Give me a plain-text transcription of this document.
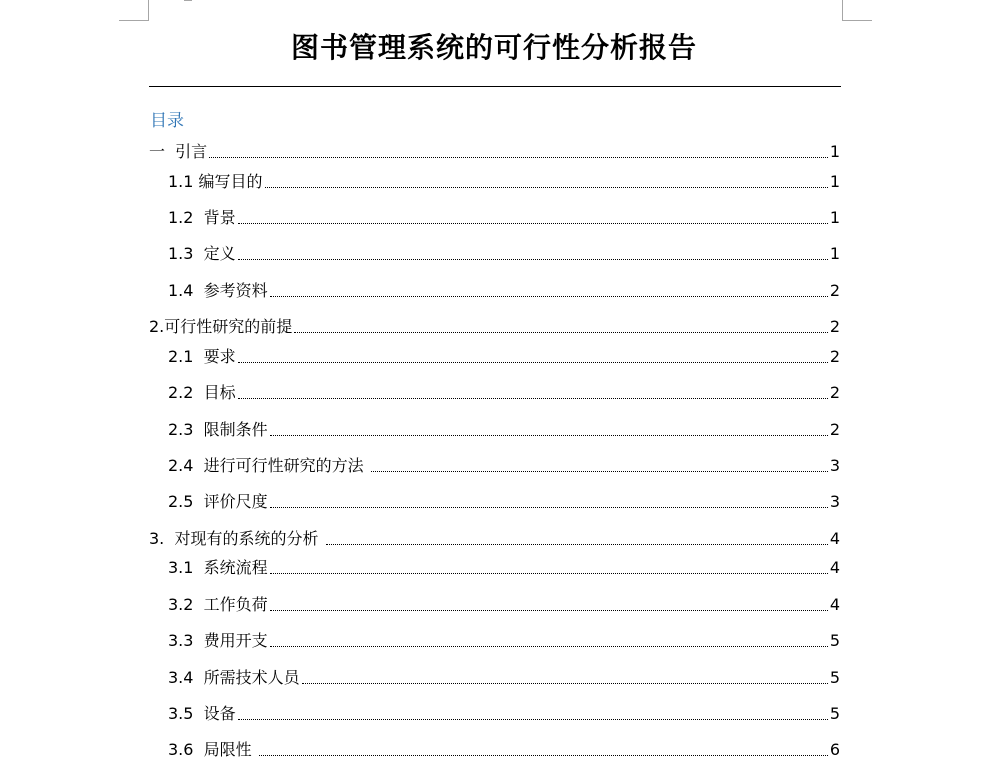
图书管理系统的可行性分析报告
目录
一  引言	1
1.1 编写目的	1
1.2  背景	1
1.3  定义	1
1.4  参考资料	2
2.可行性研究的前提	2
2.1  要求	2
2.2  目标	2
2.3  限制条件	2
2.4  进行可行性研究的方法	3
2.5  评价尺度	3
3.  对现有的系统的分析	4
3.1  系统流程	4
3.2  工作负荷	4
3.3  费用开支	5
3.4  所需技术人员	5
3.5  设备	5
3.6  局限性	6
